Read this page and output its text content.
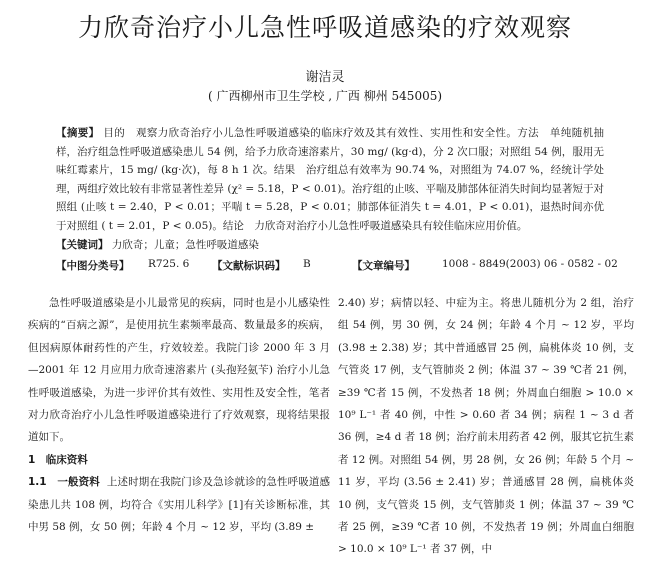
力欣奇治疗小儿急性呼吸道感染的疗效观察
谢洁灵
( 广西柳州市卫生学校 , 广西 柳州 545005)

【摘要】 目的　观察力欣奇治疗小儿急性呼吸道感染的临床疗效及其有效性、实用性和安全性。方法　单纯随机抽样，治疗组急性呼吸道感染患儿 54 例，给予力欣奇速溶素片，30 mg/ (kg·d)，分 2 次口服；对照组 54 例，服用无味红霉素片，15 mg/ (kg·次)，每 8 h 1 次。结果　治疗组总有效率为 90.74 %，对照组为 74.07 %，经统计学处理，两组疗效比较有非常显著性差异 (χ² = 5.18，P < 0.01)。治疗组的止咳、平喘及肺部体征消失时间均显著短于对照组 (止咳 t = 2.40，P < 0.01；平喘 t = 5.28，P < 0.01；肺部体征消失 t = 4.01，P < 0.01)，退热时间亦优于对照组 ( t = 2.01，P < 0.05)。结论　力欣奇对治疗小儿急性呼吸道感染具有较佳临床应用价值。

【关键词】 力欣奇；儿童；急性呼吸道感染
【中图分类号】 R725. 6 【文献标识码】 B	【文章编号】	1008 - 8849(2003) 06 - 0582 - 02

急性呼吸道感染是小儿最常见的疾病，同时也是小儿感染性疾病的“百病之源”，是使用抗生素频率最高、数量最多的疾病，但因病原体耐药性的产生，疗效较差。我院门诊 2000 年 3 月 —2001 年 12 月应用力欣奇速溶素片 (头孢羟氨苄) 治疗小儿急性呼吸道感染，为进一步评价其有效性、实用性及安全性，笔者对力欣奇治疗小儿急性呼吸道感染进行了疗效观察，现将结果报道如下。

1　临床资料

1.1　一般资料 上述时期在我院门诊及急诊就诊的急性呼吸道感染患儿共 108 例，均符合《实用儿科学》[1]有关诊断标准，其中男 58 例，女 50 例；年龄 4 个月 ~ 12 岁，平均 (3.89 ±

2.40) 岁；病情以轻、中症为主。将患儿随机分为 2 组，治疗组 54 例，男 30 例，女 24 例；年龄 4 个月 ~ 12 岁，平均 (3.98 ± 2.38) 岁；其中普通感冒 25 例，扁桃体炎 10 例，支气管炎 17 例，支气管肺炎 2 例；体温 37 ~ 39 ℃者 21 例，≥39 ℃者 15 例，不发热者 18 例；外周血白细胞 > 10.0 × 10⁹ L⁻¹ 者 40 例，中性 > 0.60 者 34 例；病程 1 ~ 3 d 者 36 例，≥4 d 者 18 例；治疗前未用药者 42 例，服其它抗生素者 12 例。对照组 54 例，男 28 例，女 26 例；年龄 5 个月 ~ 11 岁，平均 (3.56 ± 2.41) 岁；普通感冒 28 例，扁桃体炎 10 例，支气管炎 15 例，支气管肺炎 1 例；体温 37 ~ 39 ℃者 25 例，≥39 ℃者 10 例，不发热者 19 例；外周血白细胞 > 10.0 × 10⁹ L⁻¹ 者 37 例，中
